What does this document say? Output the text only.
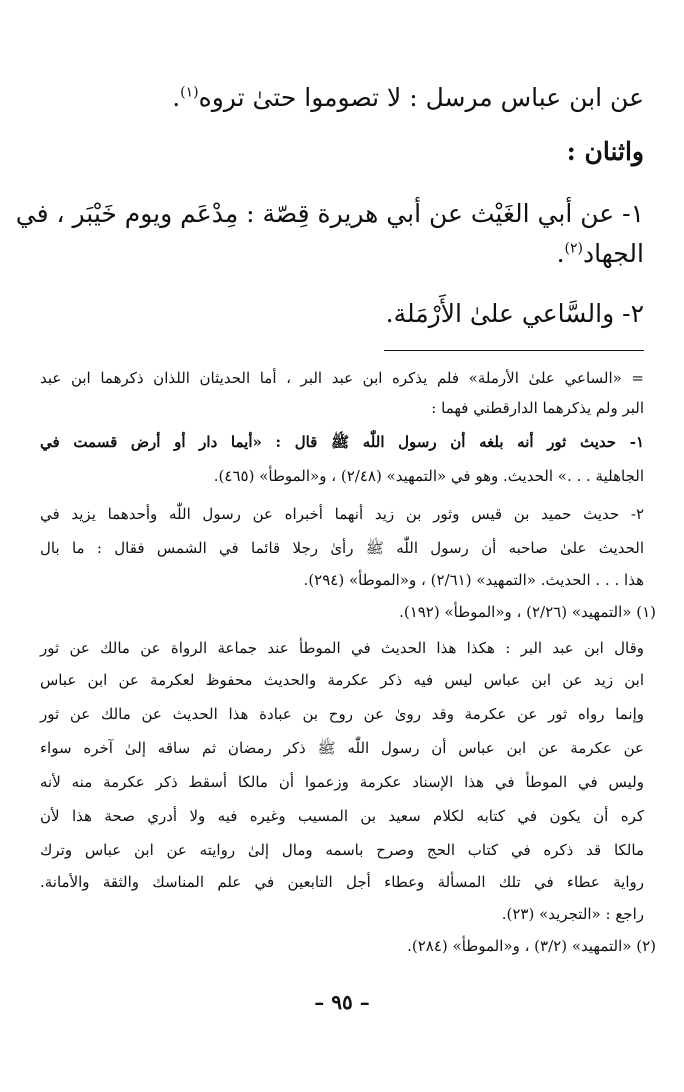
عن ابن عباس مرسل : لا تصوموا حتىٰ تروه$^{(١)}$.
واثنان :
١- عن أبي الغَيْث عن أبي هريرة قِصّة : مِدْعَم ويوم خَيْبَر ، في
الجهاد$^{(٢)}$.
٢- والسَّاعي علىٰ الأَرْمَلة.
= «الساعي علىٰ الأرملة» فلم يذكره ابن عبد البر ، أما الحديثان اللذان ذكرهما ابن عبد
البر ولم يذكرهما الدارقطني فهما :
١- حديث ثور أنه بلغه أن رسول اللّٰه ﷺ قال : «أيما دار أو أرض قسمت في
الجاهلية . . .» الحديث. وهو في «التمهيد» (٢/٤٨) ، و«الموطأ» (٤٦٥).
٢- حديث حميد بن قيس وثور بن زيد أنهما أخبراه عن رسول اللّٰه وأحدهما يزيد في
الحديث علىٰ صاحبه أن رسول اللّٰه ﷺ رأىٰ رجلا قائما في الشمس فقال : ما بال
هذا . . . الحديث. «التمهيد» (٢/٦١) ، و«الموطأ» (٢٩٤).
(١) «التمهيد» (٢/٢٦) ، و«الموطأ» (١٩٢).
وقال ابن عبد البر : هكذا هذا الحديث في الموطأ عند جماعة الرواة عن مالك عن ثور
ابن زيد عن ابن عباس ليس فيه ذكر عكرمة والحديث محفوظ لعكرمة عن ابن عباس
وإنما رواه ثور عن عكرمة وقد روىٰ عن روح بن عبادة هذا الحديث عن مالك عن ثور
عن عكرمة عن ابن عباس أن رسول اللّٰه ﷺ ذكر رمضان ثم ساقه إلىٰ آخره سواء
وليس في الموطأ في هذا الإسناد عكرمة وزعموا أن مالكا أسقط ذكر عكرمة منه لأنه
كره أن يكون في كتابه لكلام سعيد بن المسيب وغيره فيه ولا أدري صحة هذا لأن
مالكا قد ذكره في كتاب الحج وصرح باسمه ومال إلىٰ روايته عن ابن عباس وترك
رواية عطاء في تلك المسألة وعطاء أجل التابعين في علم المناسك والثقة والأمانة.
راجع : «التجريد» (٢٣).
(٢) «التمهيد» (٣/٢) ، و«الموطأ» (٢٨٤).
– ٩٥ –
